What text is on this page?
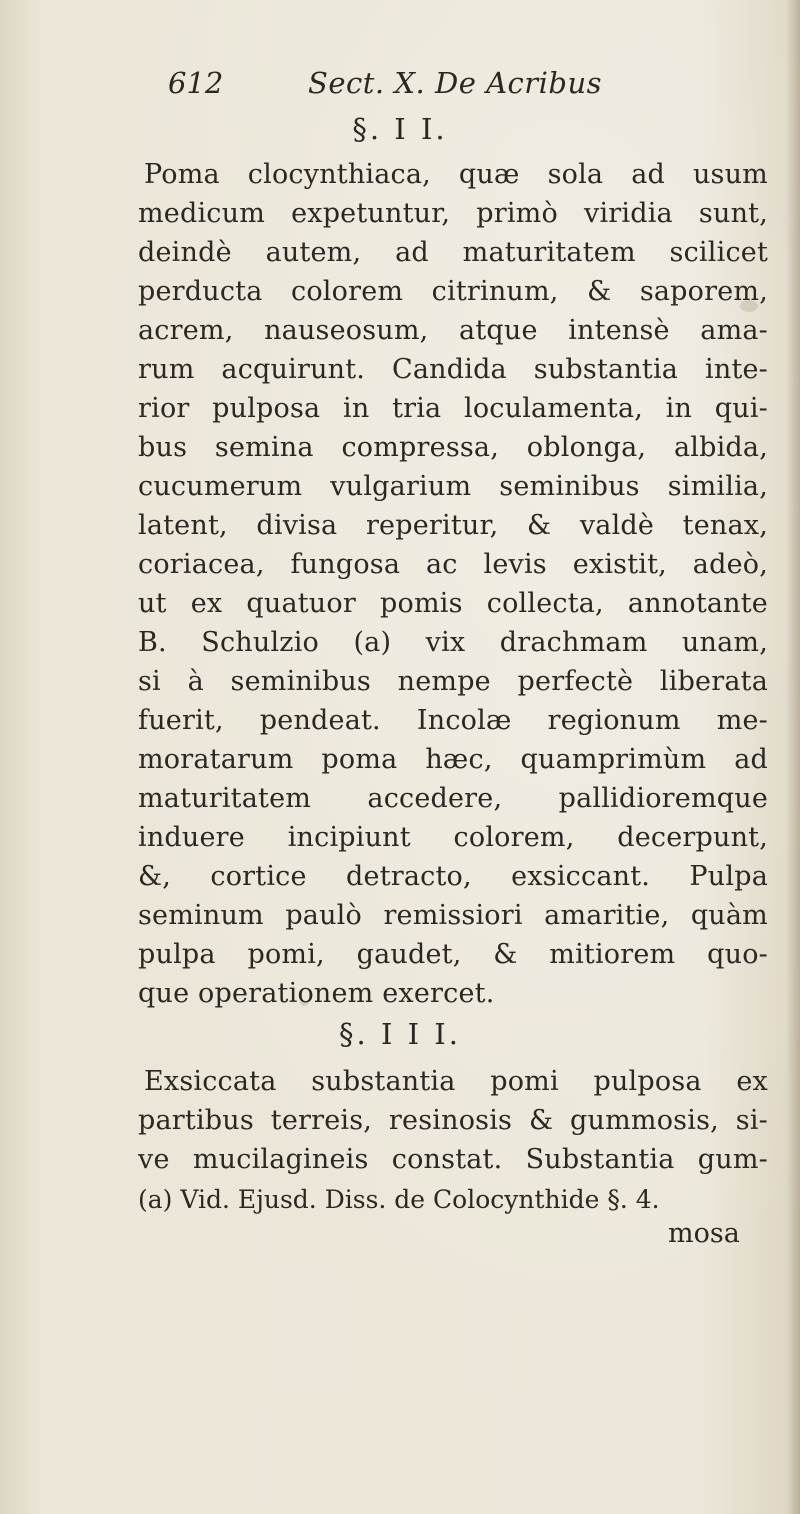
612	Sect. X. De Acribus
§. I I.
Poma clocynthiaca, quæ sola ad usum
medicum expetuntur, primò viridia sunt,
deindè autem, ad maturitatem scilicet
perducta colorem citrinum, & saporem,
acrem, nauseosum, atque intensè ama-
rum acquirunt. Candida substantia inte-
rior pulposa in tria loculamenta, in qui-
bus semina compressa, oblonga, albida,
cucumerum vulgarium seminibus similia,
latent, divisa reperitur, & valdè tenax,
coriacea, fungosa ac levis existit, adeò,
ut ex quatuor pomis collecta, annotante
B. Schulzio (a) vix drachmam unam,
si à seminibus nempe perfectè liberata
fuerit, pendeat. Incolæ regionum me-
moratarum poma hæc, quamprimùm ad
maturitatem accedere, pallidioremque
induere incipiunt colorem, decerpunt,
&, cortice detracto, exsiccant. Pulpa
seminum paulò remissiori amaritie, quàm
pulpa pomi, gaudet, & mitiorem quo-
que operationem exercet.
§. I I I.
Exsiccata substantia pomi pulposa ex
partibus terreis, resinosis & gummosis, si-
ve mucilagineis constat. Substantia gum-
(a) Vid. Ejusd. Diss. de Colocynthide §. 4.
mosa
